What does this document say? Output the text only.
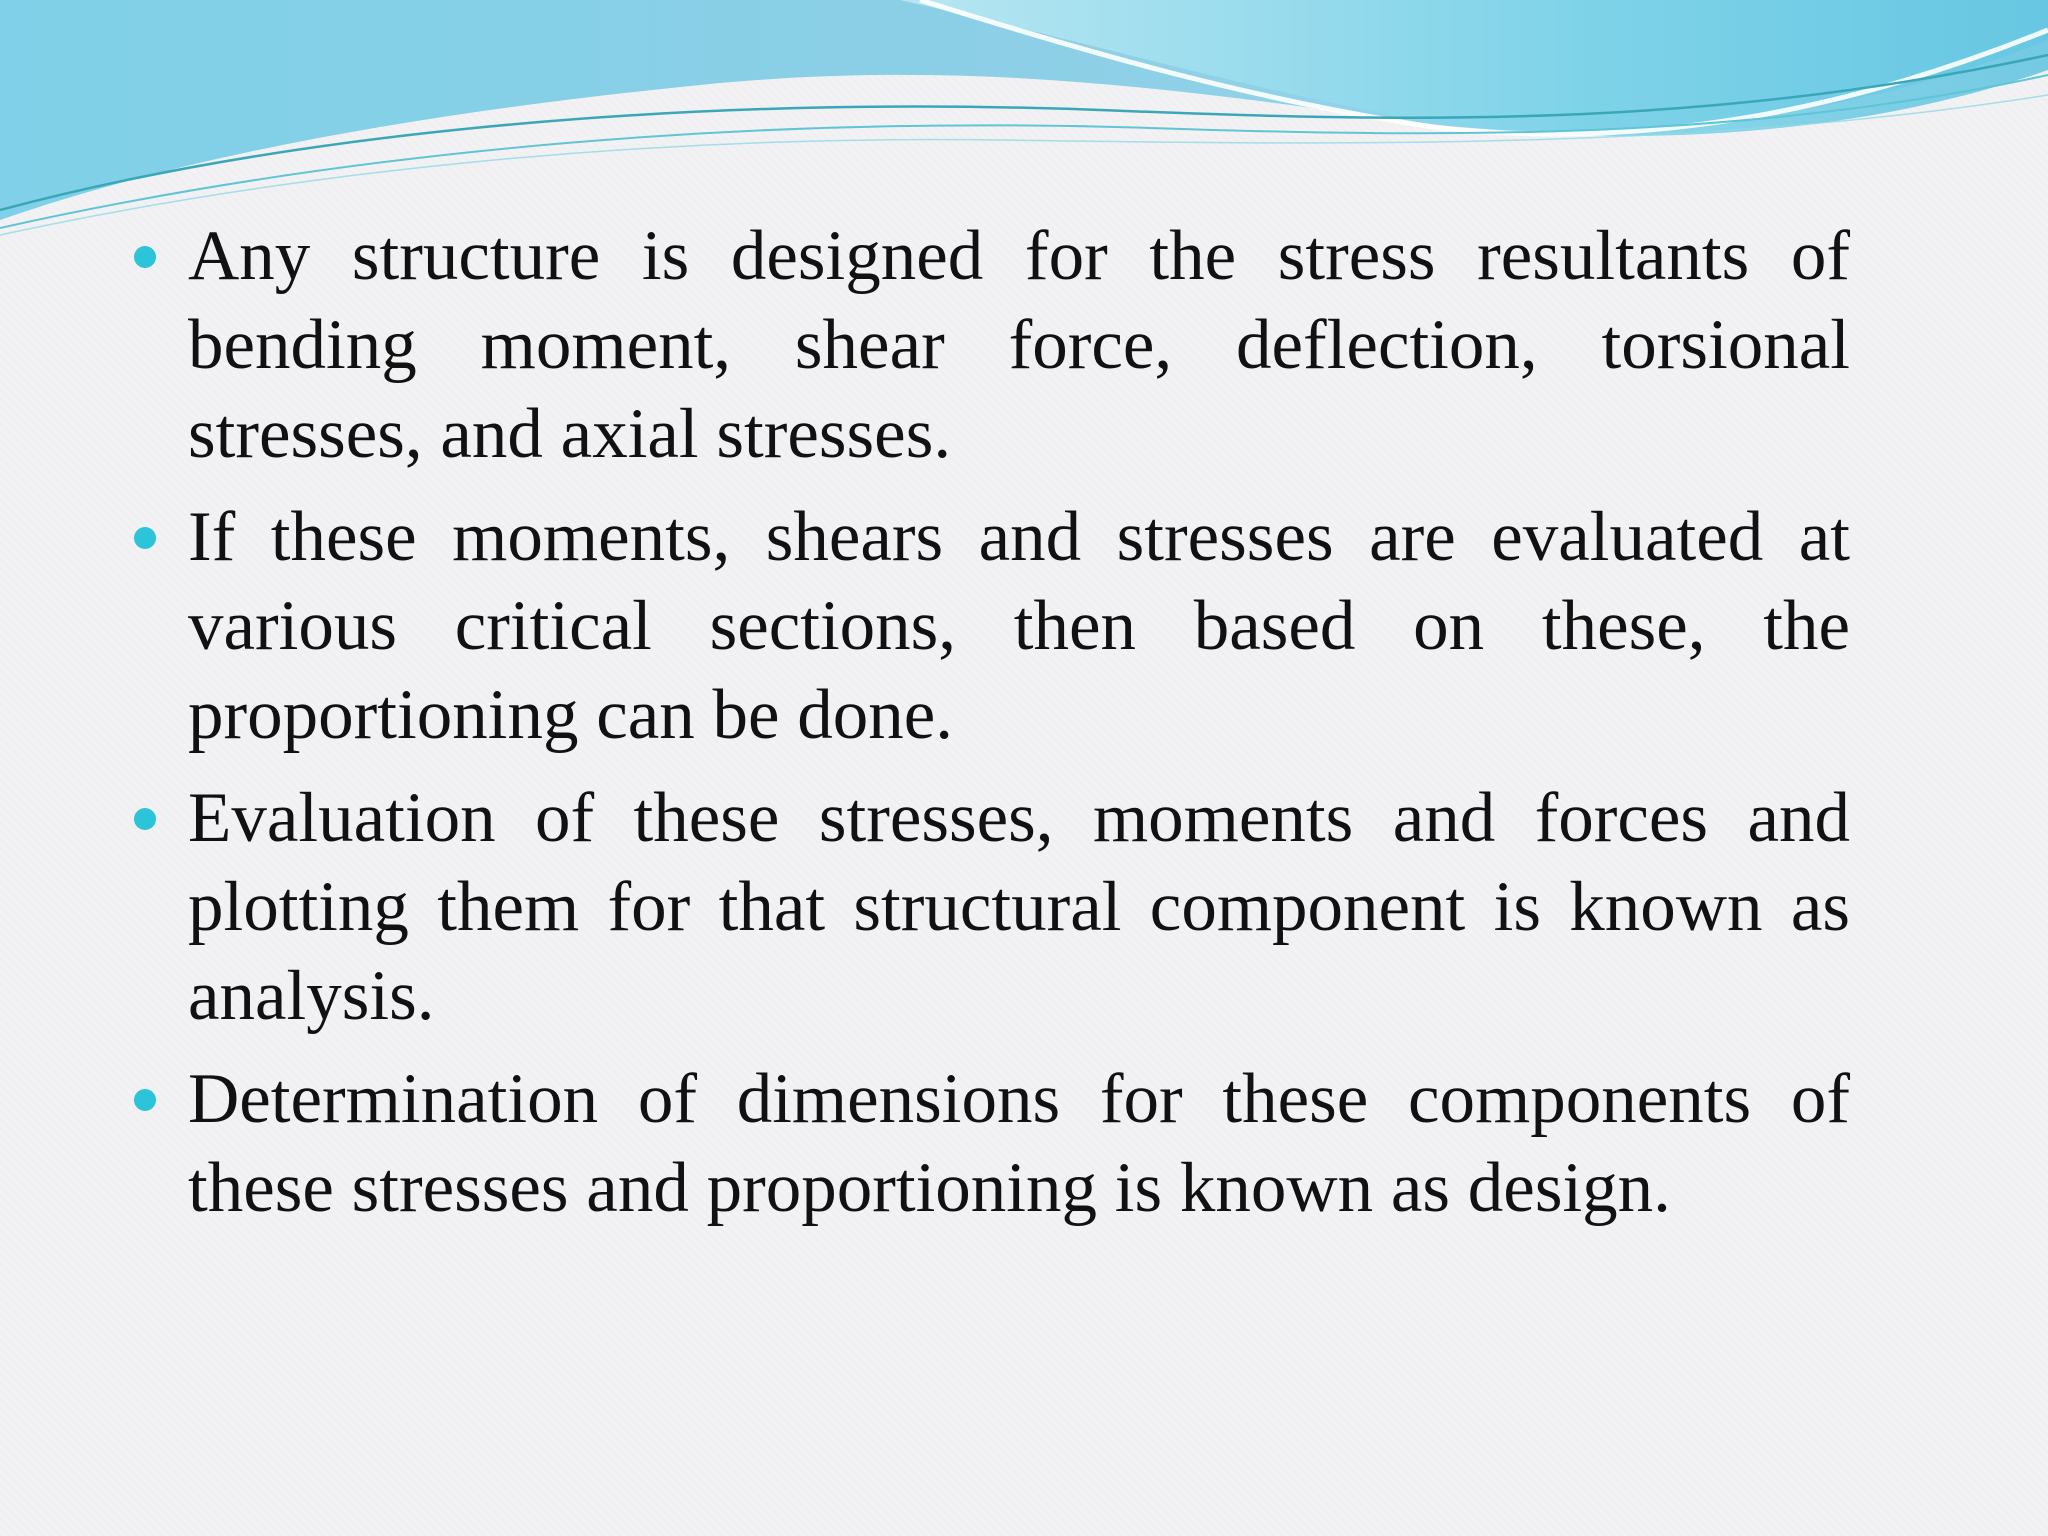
Any structure is designed for the stress resultants of bending moment, shear force, deflection, torsional stresses, and axial stresses.
If these moments, shears and stresses are evaluated at various critical sections, then based on these, the proportioning can be done.
Evaluation of these stresses, moments and forces and plotting them for that structural component is known as analysis.
Determination of dimensions for these components of these stresses and proportioning is known as design.
